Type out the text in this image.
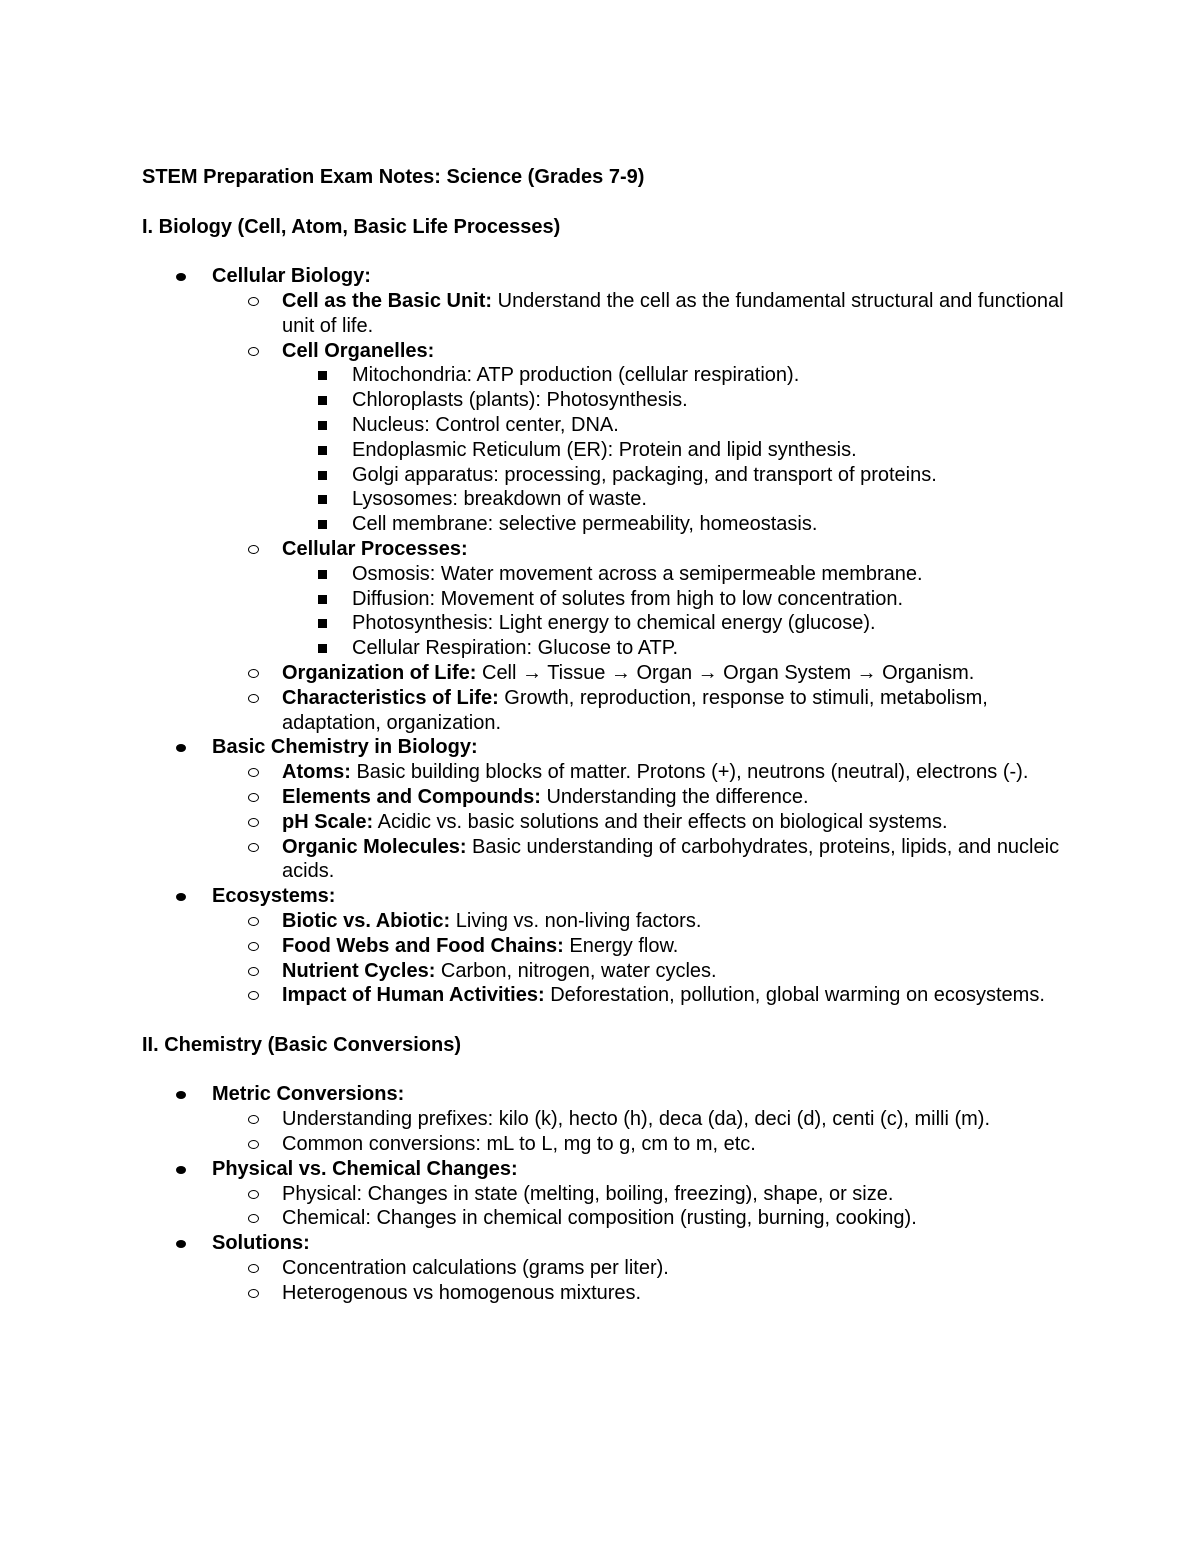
STEM Preparation Exam Notes: Science (Grades 7-9)

I. Biology (Cell, Atom, Basic Life Processes)

Cellular Biology:
Cell as the Basic Unit: Understand the cell as the fundamental structural and functional unit of life.
Cell Organelles:
Mitochondria: ATP production (cellular respiration).
Chloroplasts (plants): Photosynthesis.
Nucleus: Control center, DNA.
Endoplasmic Reticulum (ER): Protein and lipid synthesis.
Golgi apparatus: processing, packaging, and transport of proteins.
Lysosomes: breakdown of waste.
Cell membrane: selective permeability, homeostasis.
Cellular Processes:
Osmosis: Water movement across a semipermeable membrane.
Diffusion: Movement of solutes from high to low concentration.
Photosynthesis: Light energy to chemical energy (glucose).
Cellular Respiration: Glucose to ATP.
Organization of Life: Cell → Tissue → Organ → Organ System → Organism.
Characteristics of Life: Growth, reproduction, response to stimuli, metabolism, adaptation, organization.
Basic Chemistry in Biology:
Atoms: Basic building blocks of matter. Protons (+), neutrons (neutral), electrons (-).
Elements and Compounds: Understanding the difference.
pH Scale: Acidic vs. basic solutions and their effects on biological systems.
Organic Molecules: Basic understanding of carbohydrates, proteins, lipids, and nucleic acids.
Ecosystems:
Biotic vs. Abiotic: Living vs. non-living factors.
Food Webs and Food Chains: Energy flow.
Nutrient Cycles: Carbon, nitrogen, water cycles.
Impact of Human Activities: Deforestation, pollution, global warming on ecosystems.

II. Chemistry (Basic Conversions)

Metric Conversions:
Understanding prefixes: kilo (k), hecto (h), deca (da), deci (d), centi (c), milli (m).
Common conversions: mL to L, mg to g, cm to m, etc.
Physical vs. Chemical Changes:
Physical: Changes in state (melting, boiling, freezing), shape, or size.
Chemical: Changes in chemical composition (rusting, burning, cooking).
Solutions:
Concentration calculations (grams per liter).
Heterogenous vs homogenous mixtures.
